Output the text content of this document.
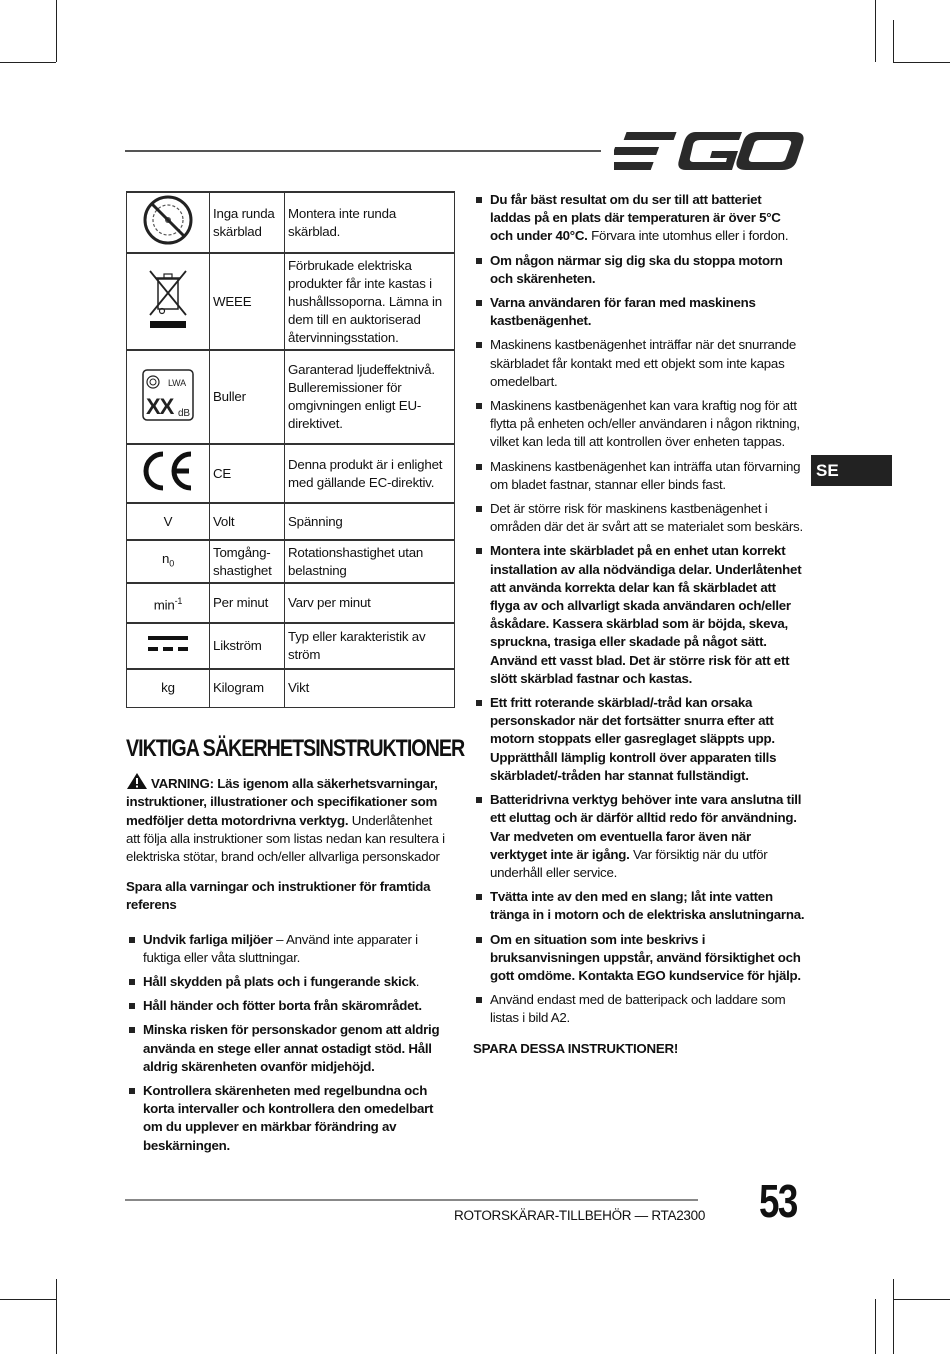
	Inga runda skärblad	Montera inte runda skärblad.
	WEEE	Förbrukade elektriska produkter får inte kastas i hushållssoporna. Lämna in dem till en auktoriserad återvinningsstation.

LWA
XX dB	Buller	Garanterad ljudeffektnivå. Bulleremissioner för omgivningen enligt EU-direktivet.
	CE	Denna produkt är i enlighet med gällande EC-direktiv.
V	Volt	Spänning
$n_0$	Tomgång-shastighet	Rotationshastighet utan belastning
$\min^{-1}$	Per minut	Varv per minut
	Likström	Typ eller karakteristik av ström
kg	Kilogram	Vikt
VIKTIGA SÄKERHETSINSTRUKTIONER

VARNING: Läs igenom alla säkerhetsvarningar, instruktioner, illustrationer och specifikationer som medföljer detta motordrivna verktyg. Underlåtenhet att följa alla instruktioner som listas nedan kan resultera i elektriska stötar, brand och/eller allvarliga personskador

Spara alla varningar och instruktioner för framtida referens

Undvik farliga miljöer – Använd inte apparater i fuktiga eller våta sluttningar.
Håll skydden på plats och i fungerande skick.
Håll händer och fötter borta från skärområdet.
Minska risken för personskador genom att aldrig använda en stege eller annat ostadigt stöd. Håll aldrig skärenheten ovanför midjehöjd.
Kontrollera skärenheten med regelbundna och korta intervaller och kontrollera den omedelbart om du upplever en märkbar förändring av beskärningen.
Du får bäst resultat om du ser till att batteriet laddas på en plats där temperaturen är över 5°C och under 40°C. Förvara inte utomhus eller i fordon.
Om någon närmar sig dig ska du stoppa motorn och skärenheten.
Varna användaren för faran med maskinens kastbenägenhet.
Maskinens kastbenägenhet inträffar när det snurrande skärbladet får kontakt med ett objekt som inte kapas omedelbart.
Maskinens kastbenägenhet kan vara kraftig nog för att flytta på enheten och/eller användaren i någon riktning, vilket kan leda till att kontrollen över enheten tappas.
Maskinens kastbenägenhet kan inträffa utan förvarning om bladet fastnar, stannar eller binds fast.
Det är större risk för maskinens kastbenägenhet i områden där det är svårt att se materialet som beskärs.
Montera inte skärbladet på en enhet utan korrekt installation av alla nödvändiga delar. Underlåtenhet att använda korrekta delar kan få skärbladet att flyga av och allvarligt skada användaren och/eller åskådare. Kassera skärblad som är böjda, skeva, spruckna, trasiga eller skadade på något sätt. Använd ett vasst blad. Det är större risk för att ett slött skärblad fastnar och kastas.
Ett fritt roterande skärblad/-tråd kan orsaka personskador när det fortsätter snurra efter att motorn stoppats eller gasreglaget släppts upp. Upprätthåll lämplig kontroll över apparaten tills skärbladet/-tråden har stannat fullständigt.
Batteridrivna verktyg behöver inte vara anslutna till ett eluttag och är därför alltid redo för användning. Var medveten om eventuella faror även när verktyget inte är igång. Var försiktig när du utför underhåll eller service.
Tvätta inte av den med en slang; låt inte vatten tränga in i motorn och de elektriska anslutningarna.
Om en situation som inte beskrivs i bruksanvisningen uppstår, använd försiktighet och gott omdöme. Kontakta EGO kundservice för hjälp.
Använd endast med de batteripack och laddare som listas i bild A2.

SPARA DESSA INSTRUKTIONER!

SE
ROTORSKÄRAR-TILLBEHÖR — RTA2300 53
